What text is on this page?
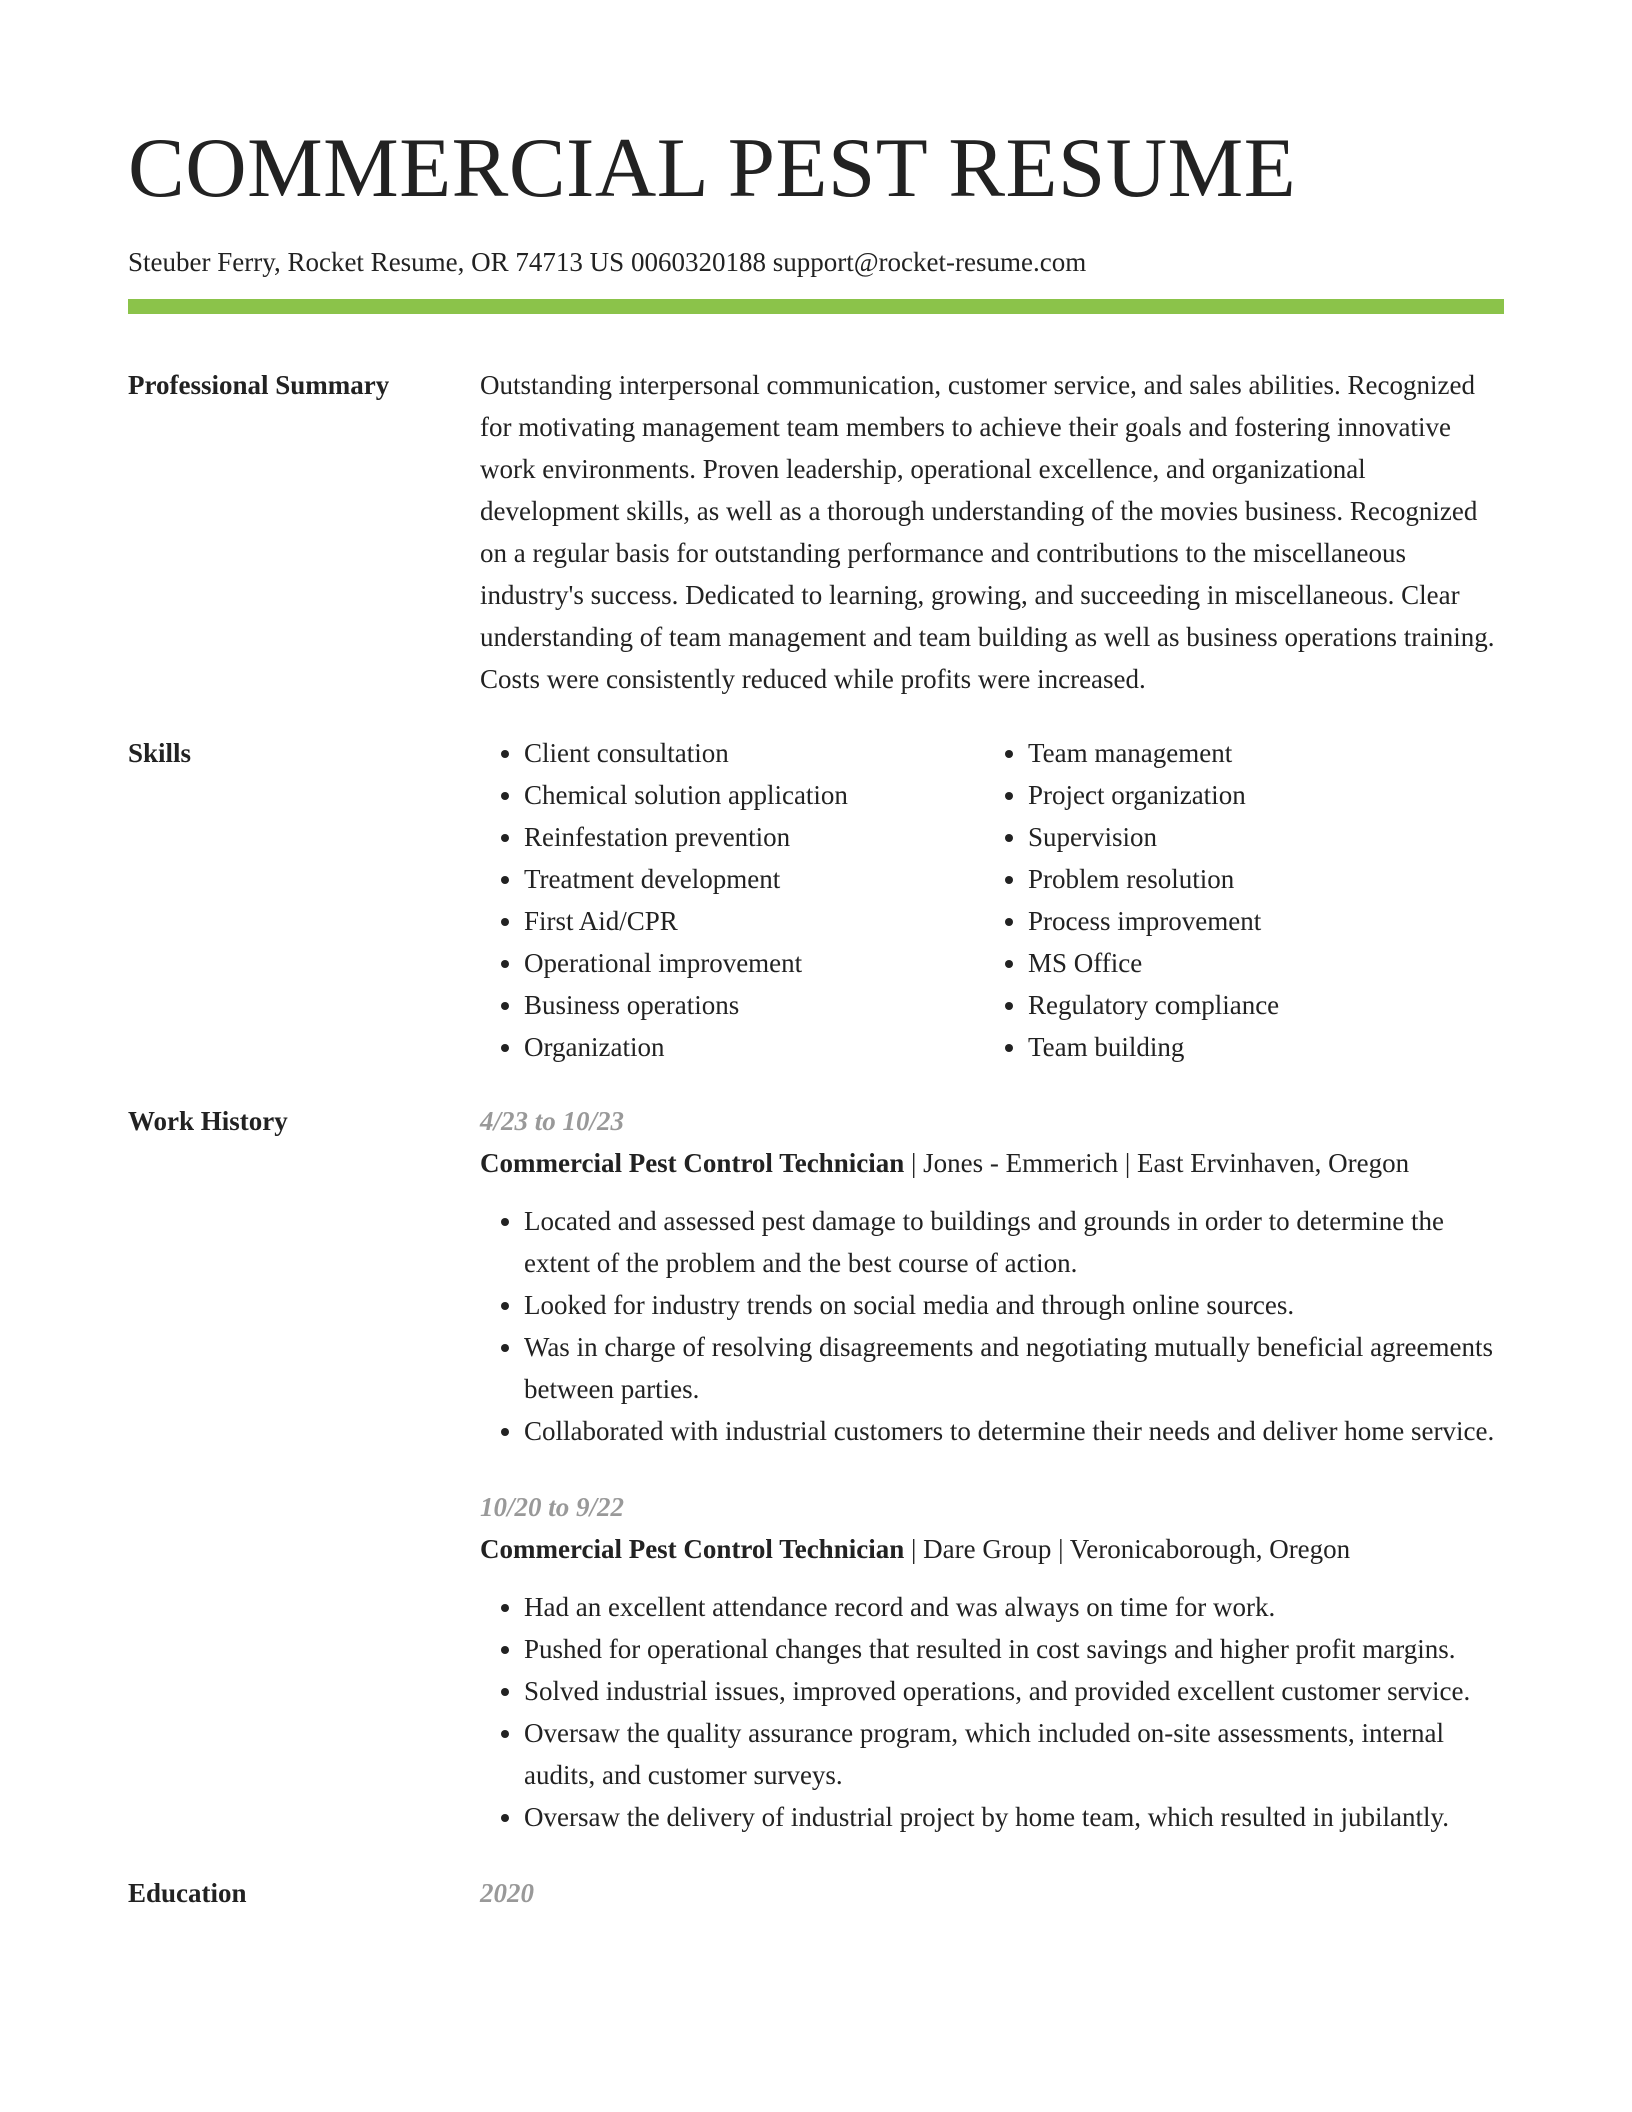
COMMERCIAL PEST RESUME
Steuber Ferry, Rocket Resume, OR 74713 US 0060320188 support@rocket-resume.com
Professional Summary	Outstanding interpersonal communication, customer service, and sales abilities. Recognized for motivating management team members to achieve their goals and fostering innovative work environments. Proven leadership, operational excellence, and organizational development skills, as well as a thorough understanding of the movies business. Recognized on a regular basis for outstanding performance and contributions to the miscellaneous industry's success. Dedicated to learning, growing, and succeeding in miscellaneous. Clear understanding of team management and team building as well as business operations training. Costs were consistently reduced while profits were increased.

Skills
•	Client consultation
• Chemical solution application
• Reinfestation prevention
• Treatment development
• First Aid/CPR
• Operational improvement
• Business operations
• Organization
• Team management
• Project organization
• Supervision
• Problem resolution
• Process improvement
• MS Office
• Regulatory compliance
• Team building
Work History	4/23 to 10/23
Commercial Pest Control Technician | Jones - Emmerich | East Ervinhaven, Oregon
• Located and assessed pest damage to buildings and grounds in order to determine the extent of the problem and the best course of action.
• Looked for industry trends on social media and through online sources.
• Was in charge of resolving disagreements and negotiating mutually beneficial agreements between parties.
• Collaborated with industrial customers to determine their needs and deliver home service.
10/20 to 9/22
Commercial Pest Control Technician | Dare Group | Veronicaborough, Oregon
• Had an excellent attendance record and was always on time for work.
• Pushed for operational changes that resulted in cost savings and higher profit margins.
• Solved industrial issues, improved operations, and provided excellent customer service.
• Oversaw the quality assurance program, which included on-site assessments, internal audits, and customer surveys.
• Oversaw the delivery of industrial project by home team, which resulted in jubilantly.
Education	2020
